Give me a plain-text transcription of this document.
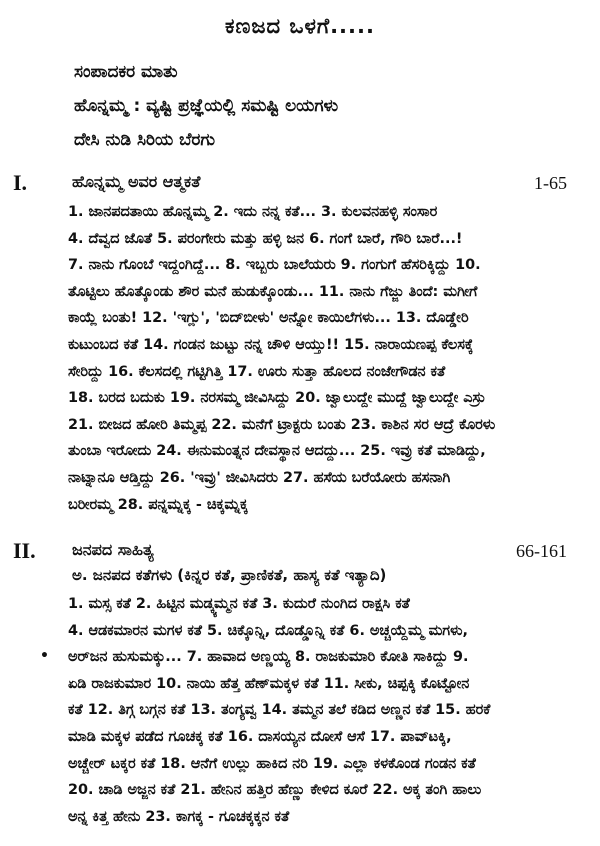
ಕಣಜದ ಒಳಗೆ.....
ಸಂಪಾದಕರ ಮಾತು
ಹೊನ್ನಮ್ಮ : ವ್ಯಷ್ಟಿ ಪ್ರಜ್ಞೆಯಲ್ಲಿ ಸಮಷ್ಟಿ ಲಯಗಳು
ದೇಸಿ ನುಡಿ ಸಿರಿಯ ಬೆರಗು
I.	ಹೊನ್ನಮ್ಮ ಅವರ ಆತ್ಮಕತೆ	1-65
1. ಜಾನಪದತಾಯಿ ಹೊನ್ನಮ್ಮ 2. ಇದು ನನ್ನ ಕತೆ... 3. ಕುಲವನಹಳ್ಳಿ ಸಂಸಾರ
4. ದೆವ್ವದ ಜೊತೆ 5. ಪರಂಗೇರು ಮತ್ತು ಹಳ್ಳಿ ಜನ 6. ಗಂಗೆ ಬಾರೆ, ಗೌರಿ ಬಾರೆ...!
7. ನಾನು ಗೊಂಬೆ ಇದ್ದಂಗಿದ್ದೆ... 8. ಇಬ್ಬರು ಬಾಲೆಯರು 9. ಗಂಗುಗೆ ಹೆಸರಿಕ್ಕಿದ್ದು 10.
ತೊಟ್ಟಿಲು ಹೊತ್ಕೊಂಡು ಶೌರ ಮನೆ ಹುಡುಕ್ಕೊಂಡು... 11. ನಾನು ಗೆಜ್ಜು ತಿಂದೆ: ಮಗೀಗೆ
ಕಾಯ್ಲೆ ಬಂತು! 12. 'ಇಗ್ಲು', 'ಬಿದ್‌ಬೀಳು' ಅನ್ನೋ ಕಾಯಿಲೆಗಳು... 13. ದೊಡ್ಡೇರಿ
ಕುಟುಂಬದ ಕತೆ 14. ಗಂಡನ ಜುಟ್ಟು ನನ್ನ ಚೌಳಿ ಆಯ್ತು!! 15. ನಾರಾಯಣಪ್ಪ ಕೆಲಸಕ್ಕೆ
ಸೇರಿದ್ದು 16. ಕೆಲಸದಲ್ಲಿ ಗಟ್ಟಿಗಿತ್ತಿ 17. ಊರು ಸುತ್ತಾ ಹೊಲದ ನಂಜೇಗೌಡನ ಕತೆ
18. ಬರದ ಬದುಕು 19. ನರಸಮ್ಮ ಜೀವಿಸಿದ್ದು 20. ಜ್ವಾಲುದ್ದೇ ಮುದ್ದೆ ಜ್ವಾಲುದ್ದೇ ಎಸ್ರು
21. ಬೀಜದ ಹೋರಿ ತಿಮ್ಮಪ್ಪ 22. ಮನೆಗೆ ಟ್ರಾಕ್ಟರು ಬಂತು 23. ಕಾಶಿನ ಸರ ಆದ್ರೆ ಕೊರಳು
ತುಂಬಾ ಇರೋದು 24. ಈನುಮಂತ್ನನ ದೇವಸ್ಥಾನ ಆದದ್ದು... 25. ಇವ್ರು ಕತೆ ಮಾಡಿದ್ದು,
ನಾಟ್ನಾನೂ ಆಡ್ತಿದ್ದು 26. 'ಇವ್ರು' ಜೀವಿಸಿದರು 27. ಹಸೆಯ ಬರೆಯೋರು ಹಸನಾಗಿ
ಬರೀರಮ್ಮ 28. ಪನ್ನಮ್ನಕ್ಕ - ಚಿಕ್ಕಮ್ನಕ್ಕ
II. ಜನಪದ ಸಾಹಿತ್ಯ	66-161
ಅ. ಜನಪದ ಕತೆಗಳು (ಕಿನ್ನರ ಕತೆ, ಪ್ರಾಣಿಕತೆ, ಹಾಸ್ಯ ಕತೆ ಇತ್ಯಾದಿ)
•
1. ಮಸ್ಸ ಕತೆ 2. ಹಿಟ್ಟಿನ ಮಡ್ಕ್ಯಮ್ಮನ ಕತೆ 3. ಕುದುರೆ ನುಂಗಿದ ರಾಕ್ಷಸಿ ಕತೆ
4. ಆಡಕಮಾರನ ಮಗಳ ಕತೆ 5. ಚಿಕ್ಕೊನ್ನಿ, ದೊಡ್ಡೊನ್ನಿ ಕತೆ 6. ಅಚ್ಚಯ್ದೆಮ್ಮ ಮಗಳು,
ಅರ್‌ಜನ ಹುಸುಮಕ್ಕು... 7. ಹಾವಾದ ಅಣ್ಣಯ್ಯ 8. ರಾಜಕುಮಾರಿ ಕೋತಿ ಸಾಕಿದ್ದು 9.
ಏಡಿ ರಾಜಕುಮಾರ 10. ನಾಯಿ ಹೆತ್ತ ಹೆಣ್‌ಮಕ್ಕಳ ಕತೆ 11. ಸೀಕು, ಚಿಪ್ಪಕ್ಕಿ ಕೊಟ್ಟೋನ
ಕತೆ 12. ತಿಗ್ಗ ಬಗ್ಗನ ಕತೆ 13. ತಂಗ್ಯವ್ವ 14. ತಮ್ಮನ ತಲೆ ಕಡಿದ ಅಣ್ಣನ ಕತೆ 15. ಹರಕೆ
ಮಾಡಿ ಮಕ್ಕಳ ಪಡೆದ ಗೂಚಕ್ಕ ಕತೆ 16. ದಾಸಯ್ಯನ ದೋಸೆ ಆಸೆ 17. ಪಾವ್‌ಟಕ್ಕಿ,
ಅಚ್ಚೇರ್ ಟಕ್ಕರ ಕತೆ 18. ಆನೆಗೆ ಉಲ್ಲು ಹಾಕಿದ ನರಿ 19. ಎಲ್ಲಾ ಕಳಕೊಂಡ ಗಂಡನ ಕತೆ
20. ಚಾಡಿ ಅಜ್ಜನ ಕತೆ 21. ಹೇನಿನ ಹತ್ತಿರ ಹೆಣ್ಣು ಕೇಳಿದ ಕೂರೆ 22. ಅಕ್ಕ ತಂಗಿ ಹಾಲು
ಅನ್ನ ಕಿತ್ತ ಹೇನು 23. ಕಾಗಕ್ಕ - ಗೂಚಕ್ಕಕ್ಕನ ಕತೆ
